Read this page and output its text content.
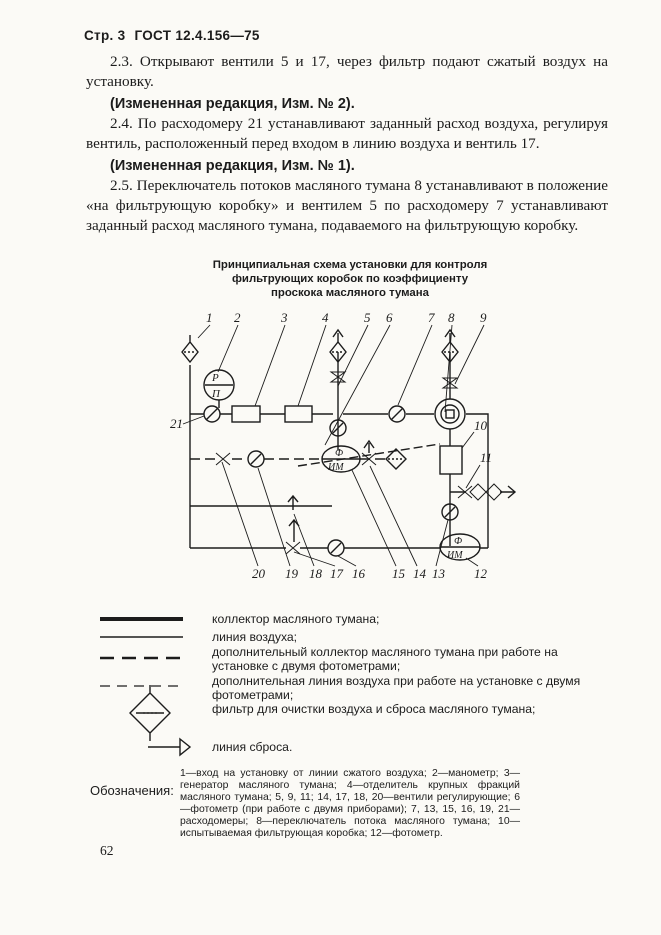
Стр. 3 ГОСТ 12.4.156—75

2.3. Открывают вентили 5 и 17, через фильтр подают сжатый воздух на установку.

(Измененная редакция, Изм. № 2).

2.4. По расходомеру 21 устанавливают заданный расход воздуха, регулируя вентиль, расположенный перед входом в линию воздуха и вентиль 17.

(Измененная редакция, Изм. № 1).

2.5. Переключатель потоков масляного тумана 8 устанавливают в положение «на фильтрующую коробку» и вентилем 5 по расходомеру 7 устанавливают заданный расход масляного тумана, подаваемого на фильтрующую коробку.

Принципиальная схема установки для контроля
фильтрующих коробок по коэффициенту
проскока масляного тумана
1 2	3	4	5 6	7 8 9
Р
П
Ф
ИМ
Ф
ИМ
21	10
11
20 19 18 17 16 15 14 13 12
Обозначения:
коллектор масляного тумана;
линия воздуха;
дополнительный коллектор масляного тумана при работе на установке с двумя фотометрами;
дополнительная линия воздуха при работе на установке с двумя фотометрами;
62
фильтр для очистки воздуха и сброса масляного тумана;
линия сброса.
1—вход на установку от линии сжатого воздуха; 2—манометр; 3—генератор масляного тумана; 4—отделитель крупных фракций масляного тумана; 5, 9, 11; 14, 17, 18, 20—вентили регулирующие; 6—фотометр (при работе с двумя приборами); 7, 13, 15, 16, 19, 21—расходомеры; 8—переключатель потока масляного тумана; 10—испытываемая фильтрующая коробка; 12—фотометр.
